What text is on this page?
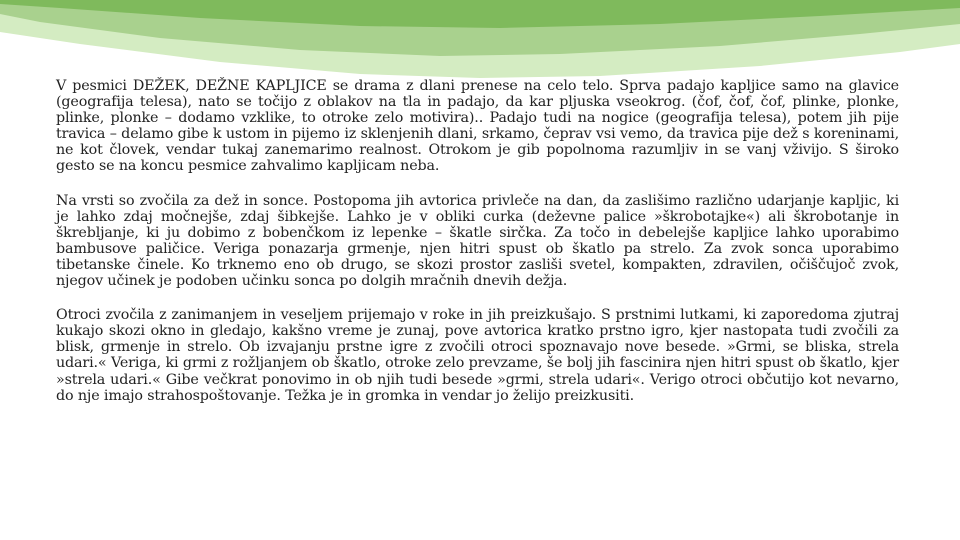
V pesmici DEŽEK, DEŽNE KAPLJICE se drama z dlani prenese na celo telo. Sprva padajo kapljice samo na glavice (geografija telesa), nato se točijo z oblakov na tla in padajo, da kar pljuska vseokrog. (čof, čof, čof, plinke, plonke, plinke, plonke – dodamo vzklike, to otroke zelo motivira).. Padajo tudi na nogice (geografija telesa), potem jih pije travica – delamo gibe k ustom in pijemo iz sklenjenih dlani, srkamo, čeprav vsi vemo, da travica pije dež s koreninami, ne kot človek, vendar tukaj zanemarimo realnost. Otrokom je gib popolnoma razumljiv in se vanj vživijo. S široko gesto se na koncu pesmice zahvalimo kapljicam neba.

Na vrsti so zvočila za dež in sonce. Postopoma jih avtorica privleče na dan, da zaslišimo različno udarjanje kapljic, ki je lahko zdaj močnejše, zdaj šibkejše. Lahko je v obliki curka (deževne palice »škrobotajke«) ali škrobotanje in škrebljanje, ki ju dobimo z bobenčkom iz lepenke – škatle sirčka. Za točo in debelejše kapljice lahko uporabimo bambusove paličice. Veriga ponazarja grmenje, njen hitri spust ob škatlo pa strelo. Za zvok sonca uporabimo tibetanske činele. Ko trknemo eno ob drugo, se skozi prostor zasliši svetel, kompakten, zdravilen, očiščujoč zvok, njegov učinek je podoben učinku sonca po dolgih mračnih dnevih dežja.

Otroci zvočila z zanimanjem in veseljem prijemajo v roke in jih preizkušajo. S prstnimi lutkami, ki zaporedoma zjutraj kukajo skozi okno in gledajo, kakšno vreme je zunaj, pove avtorica kratko prstno igro, kjer nastopata tudi zvočili za blisk, grmenje in strelo. Ob izvajanju prstne igre z zvočili otroci spoznavajo nove besede. »Grmi, se bliska, strela udari.« Veriga, ki grmi z rožljanjem ob škatlo, otroke zelo prevzame, še bolj jih fascinira njen hitri spust ob škatlo, kjer »strela udari.« Gibe večkrat ponovimo in ob njih tudi besede »grmi, strela udari«. Verigo otroci občutijo kot nevarno, do nje imajo strahospoštovanje. Težka je in gromka in vendar jo želijo preizkusiti.
